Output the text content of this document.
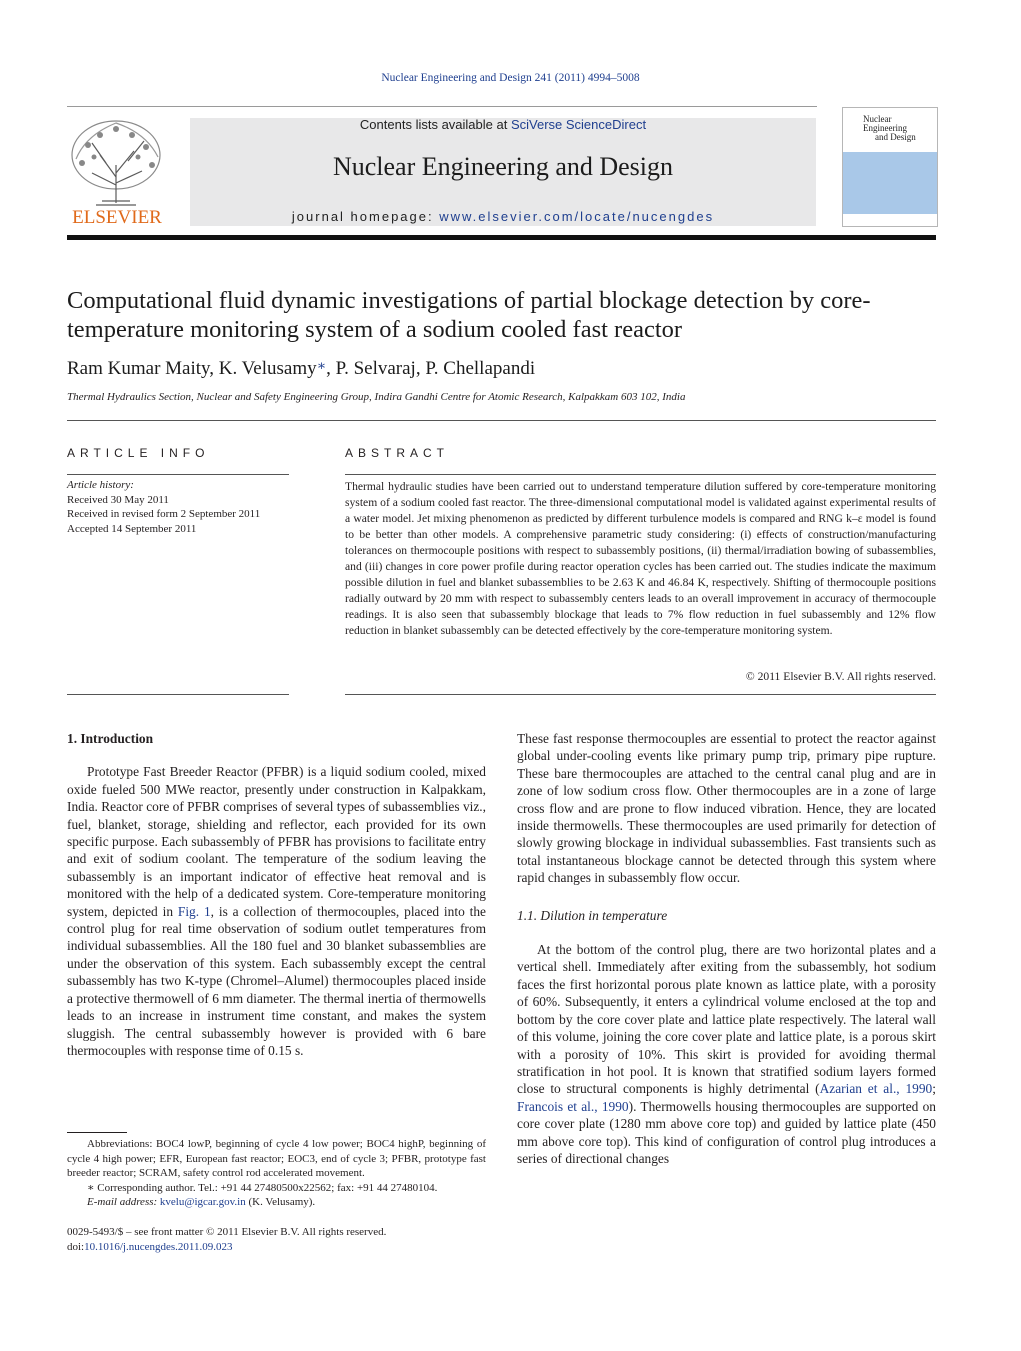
Nuclear Engineering and Design 241 (2011) 4994–5008
ELSEVIER
Contents lists available at SciVerse ScienceDirect
Nuclear Engineering and Design
journal homepage: www.elsevier.com/locate/nucengdes
Nuclear Engineering
and Design
Computational fluid dynamic investigations of partial blockage detection by core-temperature monitoring system of a sodium cooled fast reactor
Ram Kumar Maity, K. Velusamy∗, P. Selvaraj, P. Chellapandi
Thermal Hydraulics Section, Nuclear and Safety Engineering Group, Indira Gandhi Centre for Atomic Research, Kalpakkam 603 102, India
ARTICLE INFO	ABSTRACT
Article history:
Received 30 May 2011
Received in revised form 2 September 2011
Accepted 14 September 2011
Thermal hydraulic studies have been carried out to understand temperature dilution suffered by core-temperature monitoring system of a sodium cooled fast reactor. The three-dimensional computational model is validated against experimental results of a water model. Jet mixing phenomenon as predicted by different turbulence models is compared and RNG k–ε model is found to be better than other models. A comprehensive parametric study considering: (i) effects of construction/manufacturing tolerances on thermocouple positions with respect to subassembly positions, (ii) thermal/irradiation bowing of subassemblies, and (iii) changes in core power profile during reactor operation cycles has been carried out. The studies indicate the maximum possible dilution in fuel and blanket subassemblies to be 2.63 K and 46.84 K, respectively. Shifting of thermocouple positions radially outward by 20 mm with respect to subassembly centers leads to an overall improvement in accuracy of thermocouple readings. It is also seen that subassembly blockage that leads to 7% flow reduction in fuel subassembly and 12% flow reduction in blanket subassembly can be detected effectively by the core-temperature monitoring system.
© 2011 Elsevier B.V. All rights reserved.
1. Introduction

Prototype Fast Breeder Reactor (PFBR) is a liquid sodium cooled, mixed oxide fueled 500 MWe reactor, presently under construction in Kalpakkam, India. Reactor core of PFBR comprises of several types of subassemblies viz., fuel, blanket, storage, shielding and reflector, each provided for its own specific purpose. Each subassembly of PFBR has provisions to facilitate entry and exit of sodium coolant. The temperature of the sodium leaving the subassembly is an important indicator of effective heat removal and is monitored with the help of a dedicated system. Core-temperature monitoring system, depicted in Fig. 1, is a collection of thermocouples, placed into the control plug for real time observation of sodium outlet temperatures from individual subassemblies. All the 180 fuel and 30 blanket subassemblies are under the observation of this system. Each subassembly except the central subassembly has two K-type (Chromel–Alumel) thermocouples placed inside a protective thermowell of 6 mm diameter. The thermal inertia of thermowells leads to an increase in instrument time constant, and makes the system sluggish. The central subassembly however is provided with 6 bare thermocouples with response time of 0.15 s.

Abbreviations: BOC4 lowP, beginning of cycle 4 low power; BOC4 highP, beginning of cycle 4 high power; EFR, European fast reactor; EOC3, end of cycle 3; PFBR, prototype fast breeder reactor; SCRAM, safety control rod accelerated movement.
∗ Corresponding author. Tel.: +91 44 27480500x22562; fax: +91 44 27480104.
E-mail address: kvelu@igcar.gov.in (K. Velusamy).
0029-5493/$ – see front matter © 2011 Elsevier B.V. All rights reserved.
doi:10.1016/j.nucengdes.2011.09.023

These fast response thermocouples are essential to protect the reactor against global under-cooling events like primary pump trip, primary pipe rupture. These bare thermocouples are attached to the central canal plug and are in zone of low sodium cross flow. Other thermocouples are in a zone of large cross flow and are prone to flow induced vibration. Hence, they are located inside thermowells. These thermocouples are used primarily for detection of slowly growing blockage in individual subassemblies. Fast transients such as total instantaneous blockage cannot be detected through this system where rapid changes in subassembly flow occur.

1.1. Dilution in temperature

At the bottom of the control plug, there are two horizontal plates and a vertical shell. Immediately after exiting from the subassembly, hot sodium faces the first horizontal porous plate known as lattice plate, with a porosity of 60%. Subsequently, it enters a cylindrical volume enclosed at the top and bottom by the core cover plate and lattice plate respectively. The lateral wall of this volume, joining the core cover plate and lattice plate, is a porous skirt with a porosity of 10%. This skirt is provided for avoiding thermal stratification in hot pool. It is known that stratified sodium layers formed close to structural components is highly detrimental (Azarian et al., 1990; Francois et al., 1990). Thermowells housing thermocouples are supported on core cover plate (1280 mm above core top) and guided by lattice plate (450 mm above core top). This kind of configuration of control plug introduces a series of directional changes
